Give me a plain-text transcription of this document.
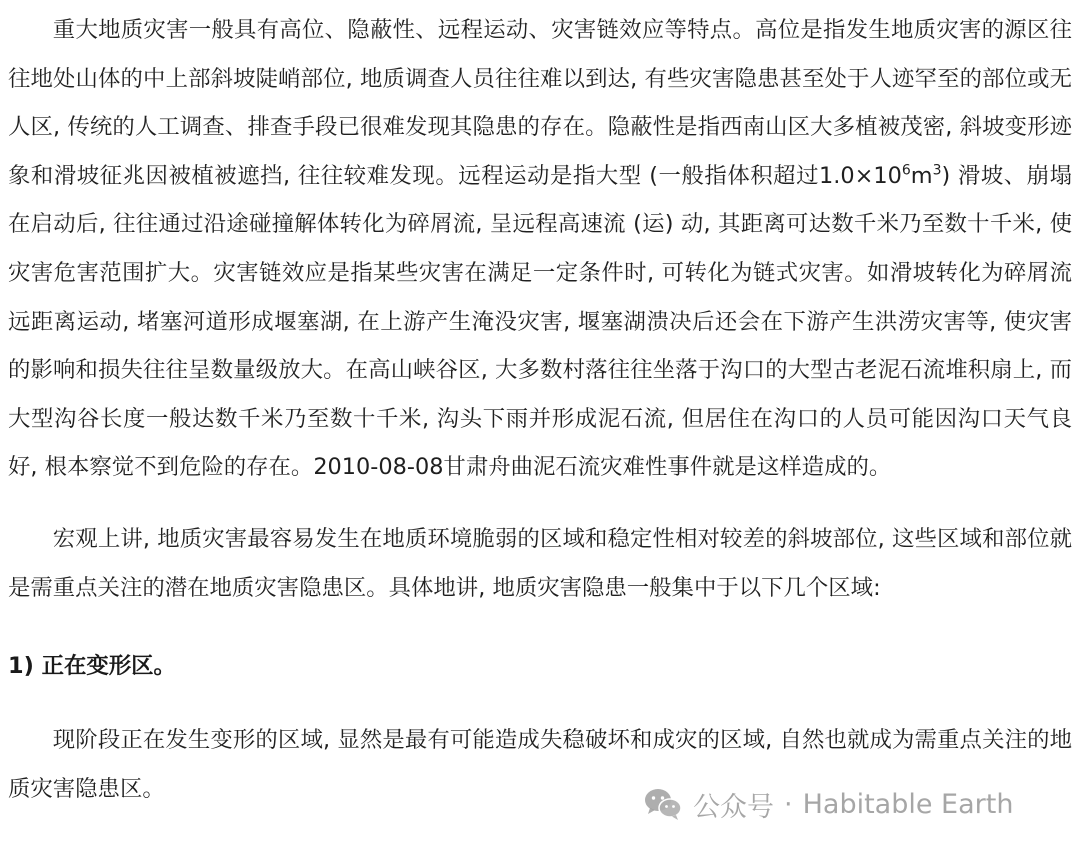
重大地质灾害一般具有高位、隐蔽性、远程运动、灾害链效应等特点。高位是指发生地质灾害的源区往往地处山体的中上部斜坡陡峭部位, 地质调查人员往往难以到达, 有些灾害隐患甚至处于人迹罕至的部位或无人区, 传统的人工调查、排查手段已很难发现其隐患的存在。隐蔽性是指西南山区大多植被茂密, 斜坡变形迹象和滑坡征兆因被植被遮挡, 往往较难发现。远程运动是指大型 (一般指体积超过$1.0\times 10^6m^3$) 滑坡、崩塌在启动后, 往往通过沿途碰撞解体转化为碎屑流, 呈远程高速流 (运) 动, 其距离可达数千米乃至数十千米, 使灾害危害范围扩大。灾害链效应是指某些灾害在满足一定条件时, 可转化为链式灾害。如滑坡转化为碎屑流远距离运动, 堵塞河道形成堰塞湖, 在上游产生淹没灾害, 堰塞湖溃决后还会在下游产生洪涝灾害等, 使灾害的影响和损失往往呈数量级放大。在高山峡谷区, 大多数村落往往坐落于沟口的大型古老泥石流堆积扇上, 而大型沟谷长度一般达数千米乃至数十千米, 沟头下雨并形成泥石流, 但居住在沟口的人员可能因沟口天气良好, 根本察觉不到危险的存在。2010-08-08甘肃舟曲泥石流灾难性事件就是这样造成的。

宏观上讲, 地质灾害最容易发生在地质环境脆弱的区域和稳定性相对较差的斜坡部位, 这些区域和部位就是需重点关注的潜在地质灾害隐患区。具体地讲, 地质灾害隐患一般集中于以下几个区域:

1) 正在变形区。

现阶段正在发生变形的区域, 显然是最有可能造成失稳破坏和成灾的区域, 自然也就成为需重点关注的地质灾害隐患区。

公众号 · Habitable Earth
